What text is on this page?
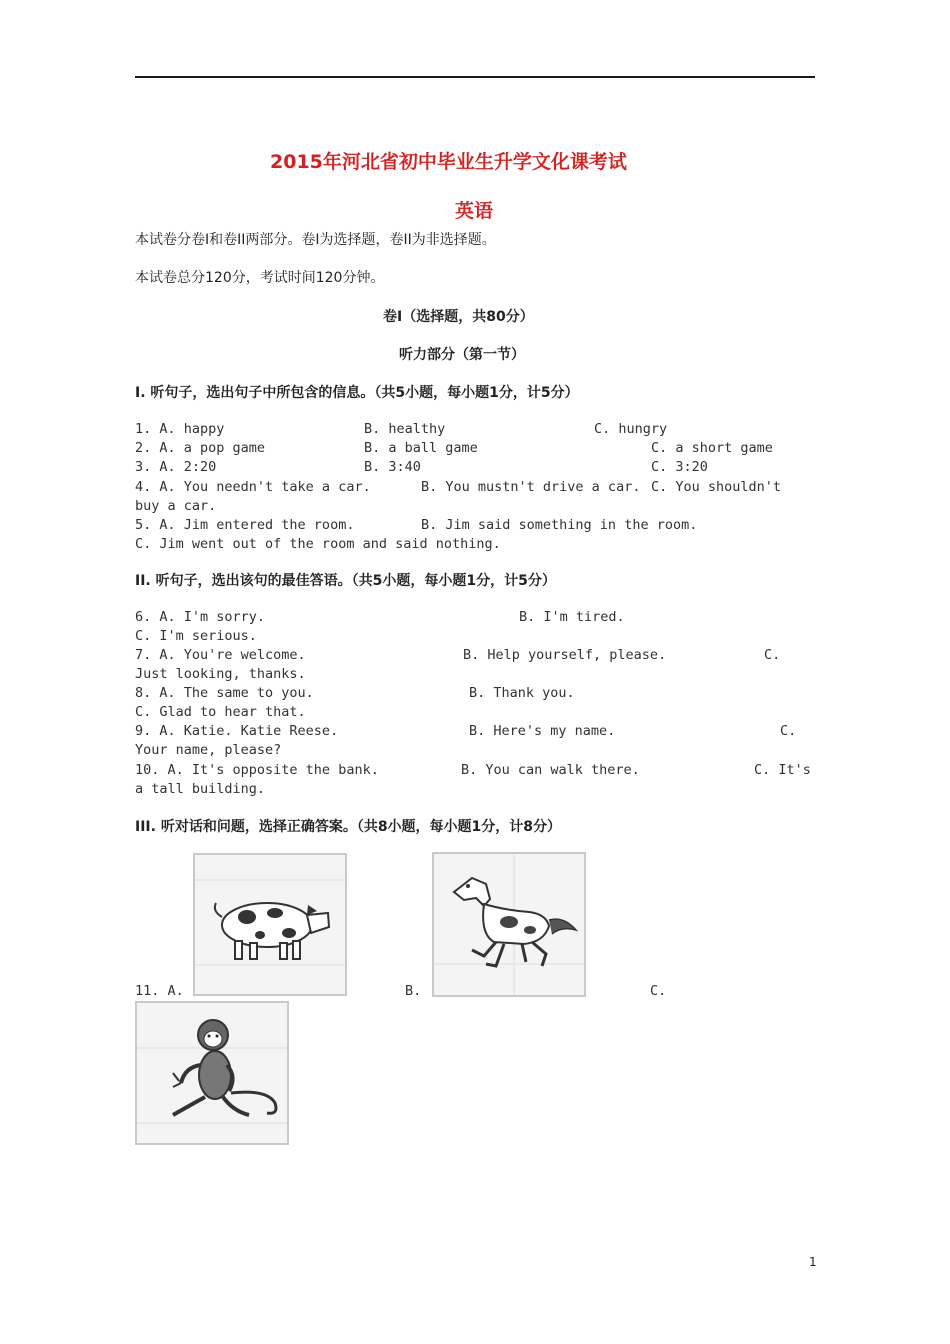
2015年河北省初中毕业生升学文化课考试
英语
本试卷分卷I和卷II两部分。卷I为选择题，卷II为非选择题。
本试卷总分120分，考试时间120分钟。
卷I（选择题，共80分）
听力部分（第一节）
I. 听句子，选出句子中所包含的信息。（共5小题，每小题1分，计5分）
1. A. happy	B. healthy	C. hungry
2. A. a pop game	B. a ball game	C. a short game
3. A. 2:20	B. 3:40	C. 3:20
4. A. You needn't take a car.	B. You mustn't drive a car. C. You shouldn't
buy a car.
5. A. Jim entered the room.	B. Jim said something in the room.
C. Jim went out of the room and said nothing.
II. 听句子，选出该句的最佳答语。（共5小题，每小题1分，计5分）
6. A. I'm sorry.	B. I'm tired.
C. I'm serious.
7. A. You're welcome.	B. Help yourself, please.	C.
Just looking, thanks.
8. A. The same to you.	B. Thank you.
C. Glad to hear that.
9. A. Katie. Katie Reese.	B. Here's my name.	C.
Your name, please?
10. A. It's opposite the bank.	B. You can walk there.	C. It's
a tall building.
III. 听对话和问题，选择正确答案。（共8小题，每小题1分，计8分）
11. A.	B.	C.
1
